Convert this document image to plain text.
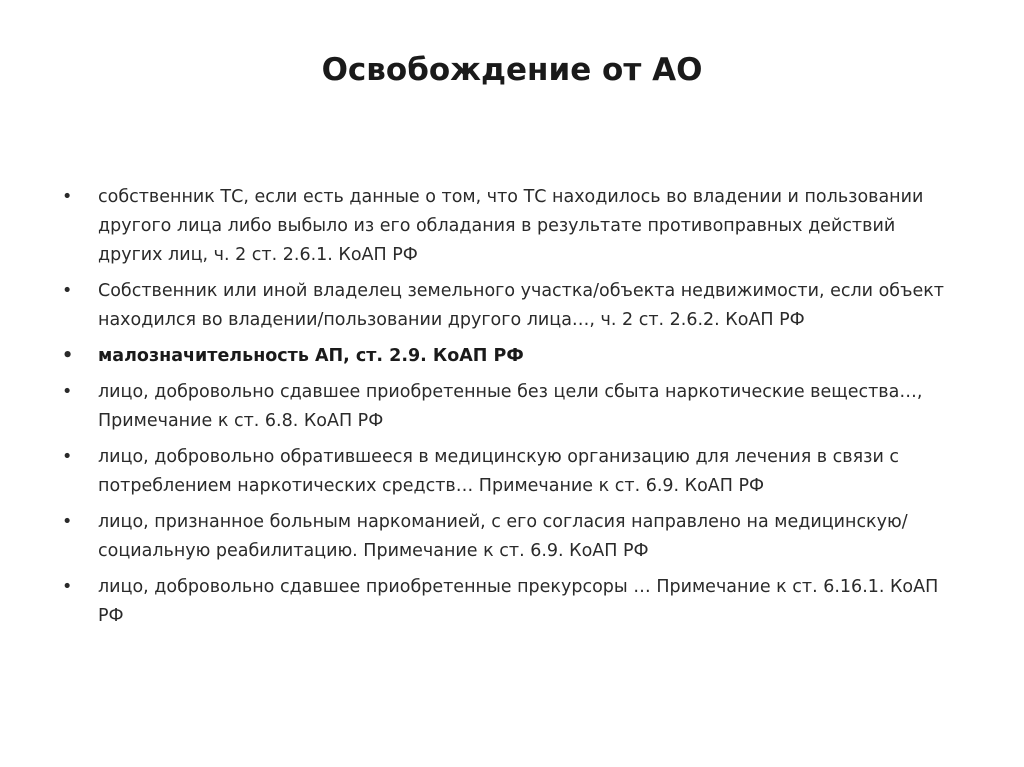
Освобождение от АО
•	собственник ТС, если есть данные о том, что ТС находилось во владении и пользовании другого лица либо выбыло из его обладания в результате противоправных действий других лиц, ч. 2 ст. 2.6.1. КоАП РФ
•	Собственник или иной владелец земельного участка/объекта недвижимости, если объект находился во владении/пользовании другого лица…, ч. 2 ст. 2.6.2. КоАП РФ
•	малозначительность АП, ст. 2.9. КоАП РФ
•	лицо, добровольно сдавшее приобретенные без цели сбыта наркотические вещества…, Примечание к ст. 6.8. КоАП РФ
•	лицо, добровольно обратившееся в медицинскую организацию для лечения в связи с потреблением наркотических средств… Примечание к ст. 6.9. КоАП РФ
•	лицо, признанное больным наркоманией, с его согласия направлено на медицинскую/социальную реабилитацию. Примечание к ст. 6.9. КоАП РФ
•	лицо, добровольно сдавшее приобретенные прекурсоры … Примечание к ст. 6.16.1. КоАП РФ
